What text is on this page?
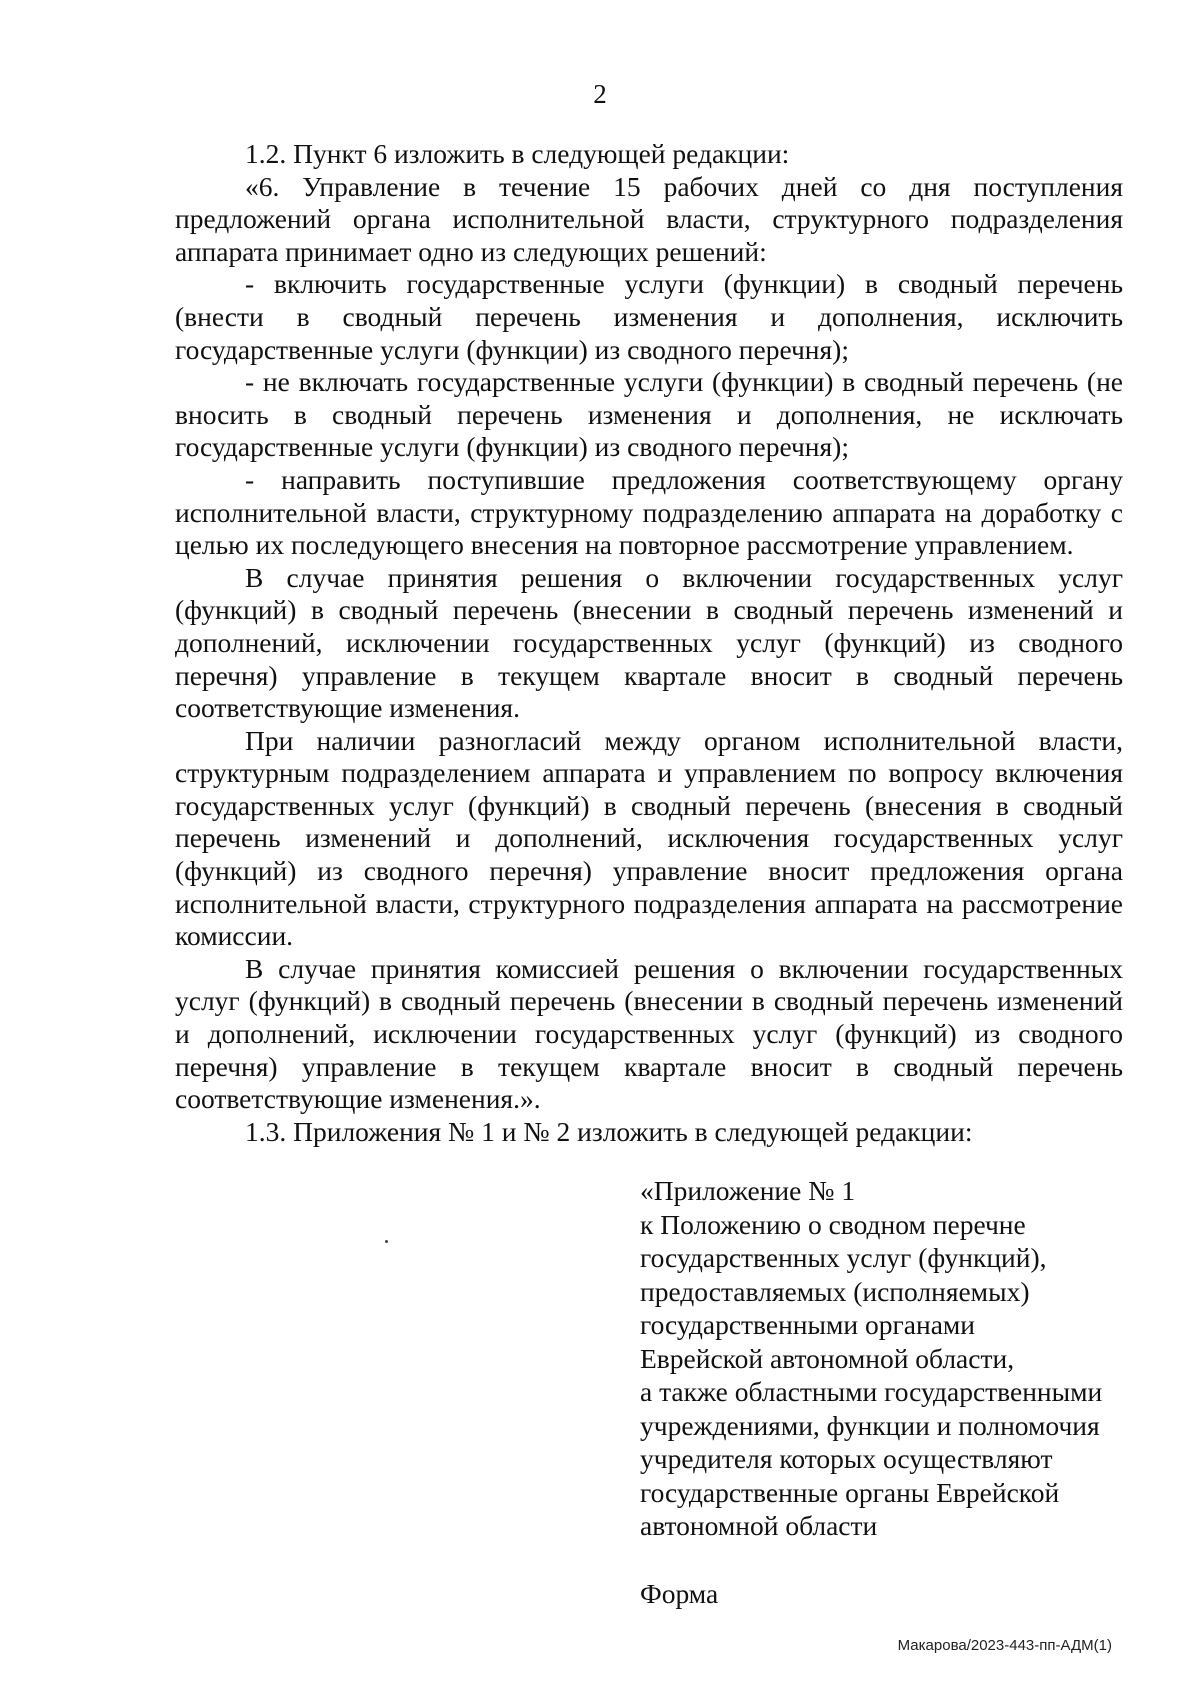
2

1.2. Пункт 6 изложить в следующей редакции:

«6. Управление в течение 15 рабочих дней со дня поступления предложений органа исполнительной власти, структурного подразделения аппарата принимает одно из следующих решений:

- включить государственные услуги (функции) в сводный перечень (внести в сводный перечень изменения и дополнения, исключить государственные услуги (функции) из сводного перечня);

- не включать государственные услуги (функции) в сводный перечень (не вносить в сводный перечень изменения и дополнения, не исключать государственные услуги (функции) из сводного перечня);

- направить поступившие предложения соответствующему органу исполнительной власти, структурному подразделению аппарата на доработку с целью их последующего внесения на повторное рассмотрение управлением.

В случае принятия решения о включении государственных услуг (функций) в сводный перечень (внесении в сводный перечень изменений и дополнений, исключении государственных услуг (функций) из сводного перечня) управление в текущем квартале вносит в сводный перечень соответствующие изменения.

При наличии разногласий между органом исполнительной власти, структурным подразделением аппарата и управлением по вопросу включения государственных услуг (функций) в сводный перечень (внесения в сводный перечень изменений и дополнений, исключения государственных услуг (функций) из сводного перечня) управление вносит предложения органа исполнительной власти, структурного подразделения аппарата на рассмотрение комиссии.

В случае принятия комиссией решения о включении государственных услуг (функций) в сводный перечень (внесении в сводный перечень изменений и дополнений, исключении государственных услуг (функций) из сводного перечня) управление в текущем квартале вносит в сводный перечень соответствующие изменения.».

1.3. Приложения № 1 и № 2 изложить в следующей редакции:

«Приложение № 1
к Положению о сводном перечне
государственных услуг (функций),
предоставляемых (исполняемых)
государственными органами
Еврейской автономной области,
а также областными государственными
учреждениями, функции и полномочия
учредителя которых осуществляют
государственные органы Еврейской
автономной области
Форма
Макарова/2023-443-пп-АДМ(1)
